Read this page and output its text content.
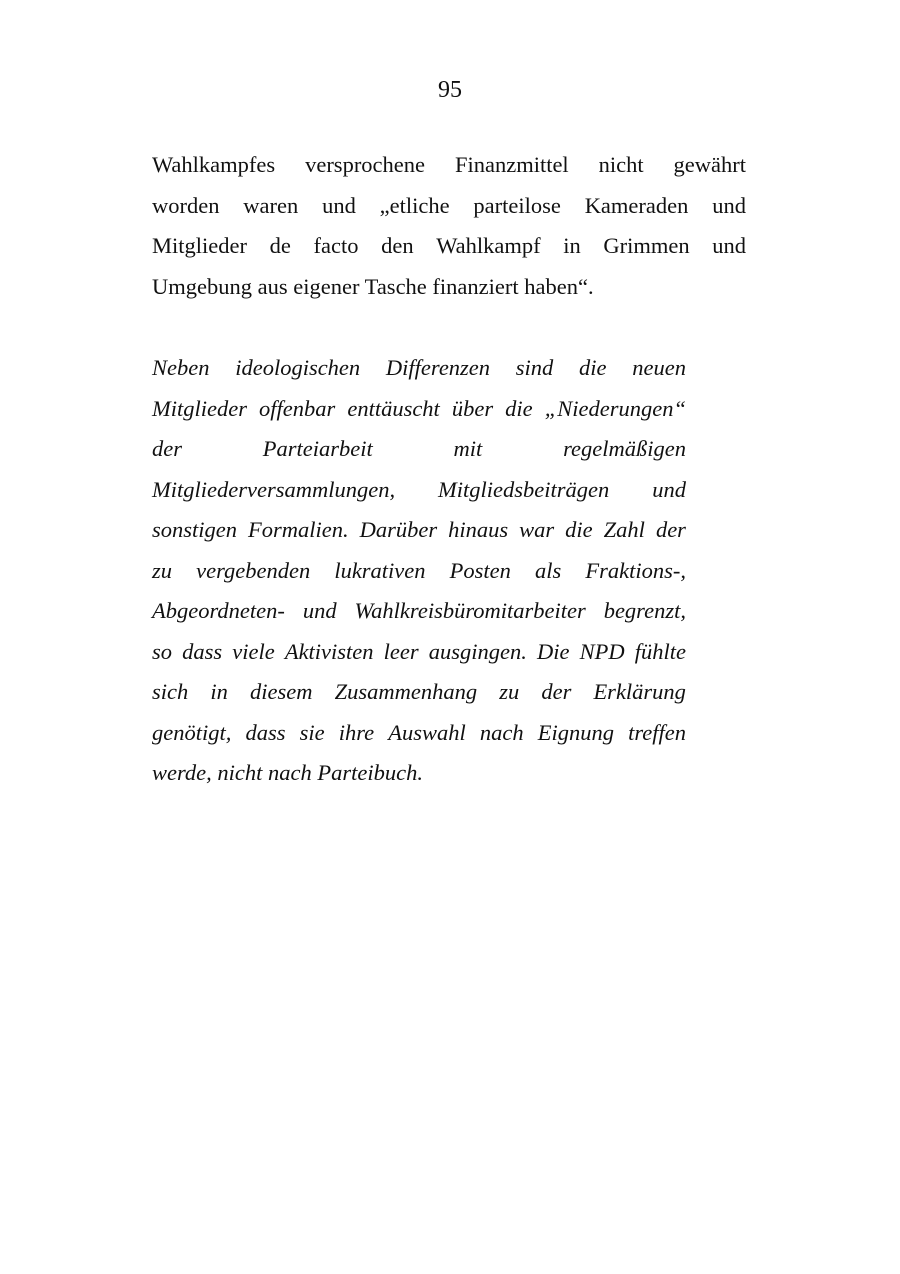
95

Wahlkampfes versprochene Finanzmittel nicht gewährt

worden waren und „etliche parteilose Kameraden und

Mitglieder de facto den Wahlkampf in Grimmen und

Umgebung aus eigener Tasche finanziert haben“.

Neben ideologischen Differenzen sind die neuen

Mitglieder offenbar enttäuscht über die „Niederungen“

der	Parteiarbeit	mit	regelmäßigen

Mitgliederversammlungen, Mitgliedsbeiträgen und

sonstigen Formalien. Darüber hinaus war die Zahl der

zu vergebenden lukrativen Posten als Fraktions-,

Abgeordneten- und Wahlkreisbüromitarbeiter begrenzt,

so dass viele Aktivisten leer ausgingen. Die NPD fühlte

sich in diesem Zusammenhang zu der Erklärung

genötigt, dass sie ihre Auswahl nach Eignung treffen

werde, nicht nach Parteibuch.
